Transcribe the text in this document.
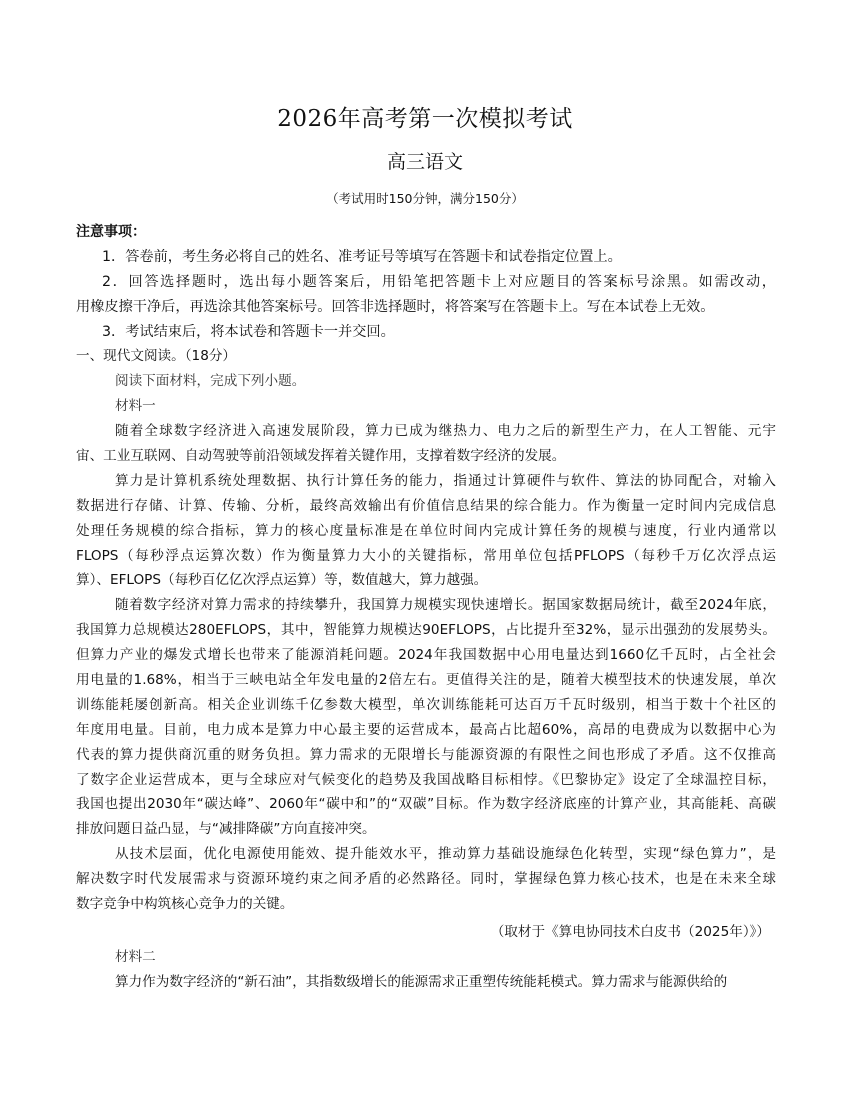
2026年高考第一次模拟考试
高三语文
（考试用时150分钟，满分150分）
注意事项：
1．答卷前，考生务必将自己的姓名、准考证号等填写在答题卡和试卷指定位置上。
2．回答选择题时，选出每小题答案后，用铅笔把答题卡上对应题目的答案标号涂黑。如需改动，
用橡皮擦干净后，再选涂其他答案标号。回答非选择题时，将答案写在答题卡上。写在本试卷上无效。
3．考试结束后，将本试卷和答题卡一并交回。
一、现代文阅读。（18分）
阅读下面材料，完成下列小题。
材料一
随着全球数字经济进入高速发展阶段，算力已成为继热力、电力之后的新型生产力，在人工智能、元宇
宙、工业互联网、自动驾驶等前沿领域发挥着关键作用，支撑着数字经济的发展。
算力是计算机系统处理数据、执行计算任务的能力，指通过计算硬件与软件、算法的协同配合，对输入
数据进行存储、计算、传输、分析，最终高效输出有价值信息结果的综合能力。作为衡量一定时间内完成信息
处理任务规模的综合指标，算力的核心度量标准是在单位时间内完成计算任务的规模与速度，行业内通常以
FLOPS（每秒浮点运算次数）作为衡量算力大小的关键指标，常用单位包括PFLOPS（每秒千万亿次浮点运
算）、EFLOPS（每秒百亿亿次浮点运算）等，数值越大，算力越强。
随着数字经济对算力需求的持续攀升，我国算力规模实现快速增长。据国家数据局统计，截至2024年底，
我国算力总规模达280EFLOPS，其中，智能算力规模达90EFLOPS，占比提升至32%，显示出强劲的发展势头。
但算力产业的爆发式增长也带来了能源消耗问题。2024年我国数据中心用电量达到1660亿千瓦时，占全社会
用电量的1.68%，相当于三峡电站全年发电量的2倍左右。更值得关注的是，随着大模型技术的快速发展，单次
训练能耗屡创新高。相关企业训练千亿参数大模型，单次训练能耗可达百万千瓦时级别，相当于数十个社区的
年度用电量。目前，电力成本是算力中心最主要的运营成本，最高占比超60%，高昂的电费成为以数据中心为
代表的算力提供商沉重的财务负担。算力需求的无限增长与能源资源的有限性之间也形成了矛盾。这不仅推高
了数字企业运营成本，更与全球应对气候变化的趋势及我国战略目标相悖。《巴黎协定》设定了全球温控目标，
我国也提出2030年“碳达峰”、2060年“碳中和”的“双碳”目标。作为数字经济底座的计算产业，其高能耗、高碳
排放问题日益凸显，与“减排降碳”方向直接冲突。
从技术层面，优化电源使用能效、提升能效水平，推动算力基础设施绿色化转型，实现“绿色算力”，是
解决数字时代发展需求与资源环境约束之间矛盾的必然路径。同时，掌握绿色算力核心技术，也是在未来全球
数字竞争中构筑核心竞争力的关键。
（取材于《算电协同技术白皮书（2025年）》）
材料二
算力作为数字经济的“新石油”，其指数级增长的能源需求正重塑传统能耗模式。算力需求与能源供给的
